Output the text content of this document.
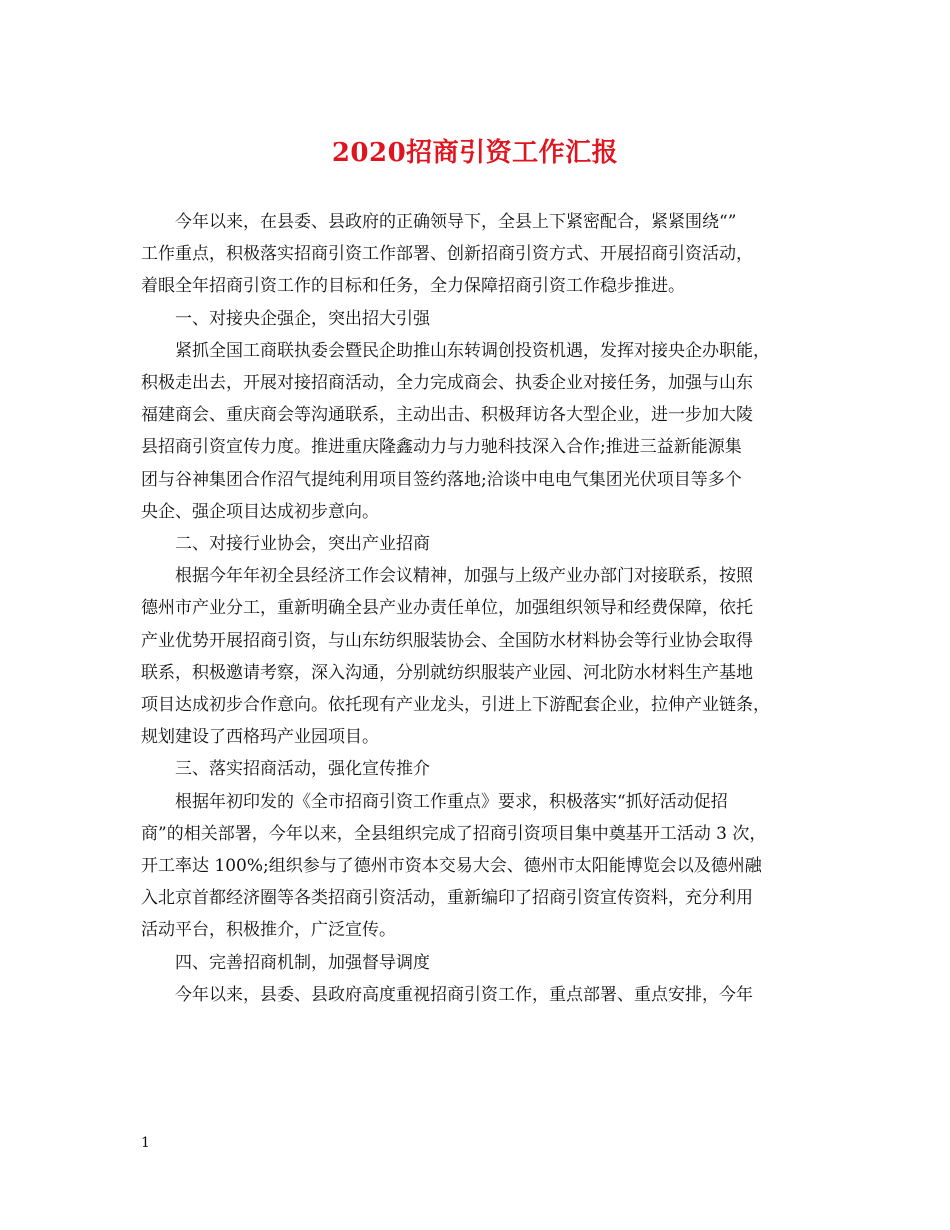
2020招商引资工作汇报
今年以来，在县委、县政府的正确领导下，全县上下紧密配合，紧紧围绕“”
工作重点，积极落实招商引资工作部署、创新招商引资方式、开展招商引资活动，
着眼全年招商引资工作的目标和任务，全力保障招商引资工作稳步推进。
一、对接央企强企，突出招大引强
紧抓全国工商联执委会暨民企助推山东转调创投资机遇，发挥对接央企办职能，
积极走出去，开展对接招商活动，全力完成商会、执委企业对接任务，加强与山东
福建商会、重庆商会等沟通联系，主动出击、积极拜访各大型企业，进一步加大陵
县招商引资宣传力度。推进重庆隆鑫动力与力驰科技深入合作;推进三益新能源集
团与谷神集团合作沼气提纯利用项目签约落地;洽谈中电电气集团光伏项目等多个
央企、强企项目达成初步意向。
二、对接行业协会，突出产业招商
根据今年年初全县经济工作会议精神，加强与上级产业办部门对接联系，按照
德州市产业分工，重新明确全县产业办责任单位，加强组织领导和经费保障，依托
产业优势开展招商引资，与山东纺织服装协会、全国防水材料协会等行业协会取得
联系，积极邀请考察，深入沟通，分别就纺织服装产业园、河北防水材料生产基地
项目达成初步合作意向。依托现有产业龙头，引进上下游配套企业，拉伸产业链条，
规划建设了西格玛产业园项目。
三、落实招商活动，强化宣传推介
根据年初印发的《全市招商引资工作重点》要求，积极落实“抓好活动促招
商”的相关部署，今年以来，全县组织完成了招商引资项目集中奠基开工活动 3 次，
开工率达 100%;组织参与了德州市资本交易大会、德州市太阳能博览会以及德州融
入北京首都经济圈等各类招商引资活动，重新编印了招商引资宣传资料，充分利用
活动平台，积极推介，广泛宣传。
四、完善招商机制，加强督导调度
今年以来，县委、县政府高度重视招商引资工作，重点部署、重点安排，今年
1
